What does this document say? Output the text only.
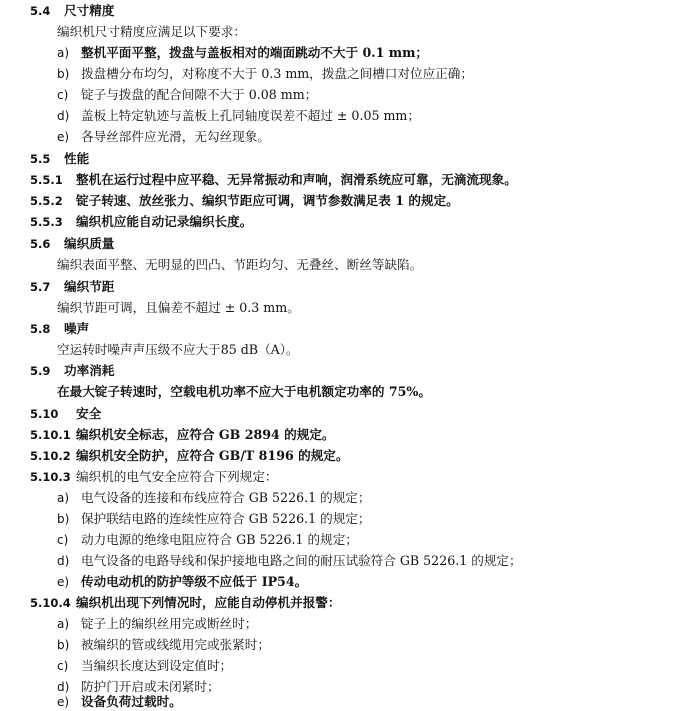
5.4 尺寸精度
编织机尺寸精度应满足以下要求：
a) 整机平面平整，拨盘与盖板相对的端面跳动不大于 0.1 mm；
b) 拨盘槽分布均匀，对称度不大于 0.3 mm，拨盘之间槽口对位应正确；
c) 锭子与拨盘的配合间隙不大于 0.08 mm；
d) 盖板上特定轨迹与盖板上孔同轴度误差不超过 ± 0.05 mm；
e) 各导丝部件应光滑，无勾丝现象。
5.5 性能
5.5.1 整机在运行过程中应平稳、无异常振动和声响，润滑系统应可靠，无滴流现象。
5.5.2 锭子转速、放丝张力、编织节距应可调，调节参数满足表 1 的规定。
5.5.3 编织机应能自动记录编织长度。
5.6 编织质量
编织表面平整、无明显的凹凸、节距均匀、无叠丝、断丝等缺陷。
5.7 编织节距
编织节距可调，且偏差不超过 ± 0.3 mm。
5.8 噪声
空运转时噪声声压级不应大于85 dB（A）。
5.9 功率消耗
在最大锭子转速时，空载电机功率不应大于电机额定功率的 75%。
5.10 安全
5.10.1 编织机安全标志，应符合 GB 2894 的规定。
5.10.2 编织机安全防护，应符合 GB/T 8196 的规定。
5.10.3 编织机的电气安全应符合下列规定：
a) 电气设备的连接和布线应符合 GB 5226.1 的规定；
b) 保护联结电路的连续性应符合 GB 5226.1 的规定；
c) 动力电源的绝缘电阻应符合 GB 5226.1 的规定；
d) 电气设备的电路导线和保护接地电路之间的耐压试验符合 GB 5226.1 的规定；
e) 传动电动机的防护等级不应低于 IP54。
5.10.4 编织机出现下列情况时，应能自动停机并报警：
a) 锭子上的编织丝用完或断丝时；
b) 被编织的管或线缆用完或张紧时；
c) 当编织长度达到设定值时；
d) 防护门开启或未闭紧时；
e) 设备负荷过载时。
